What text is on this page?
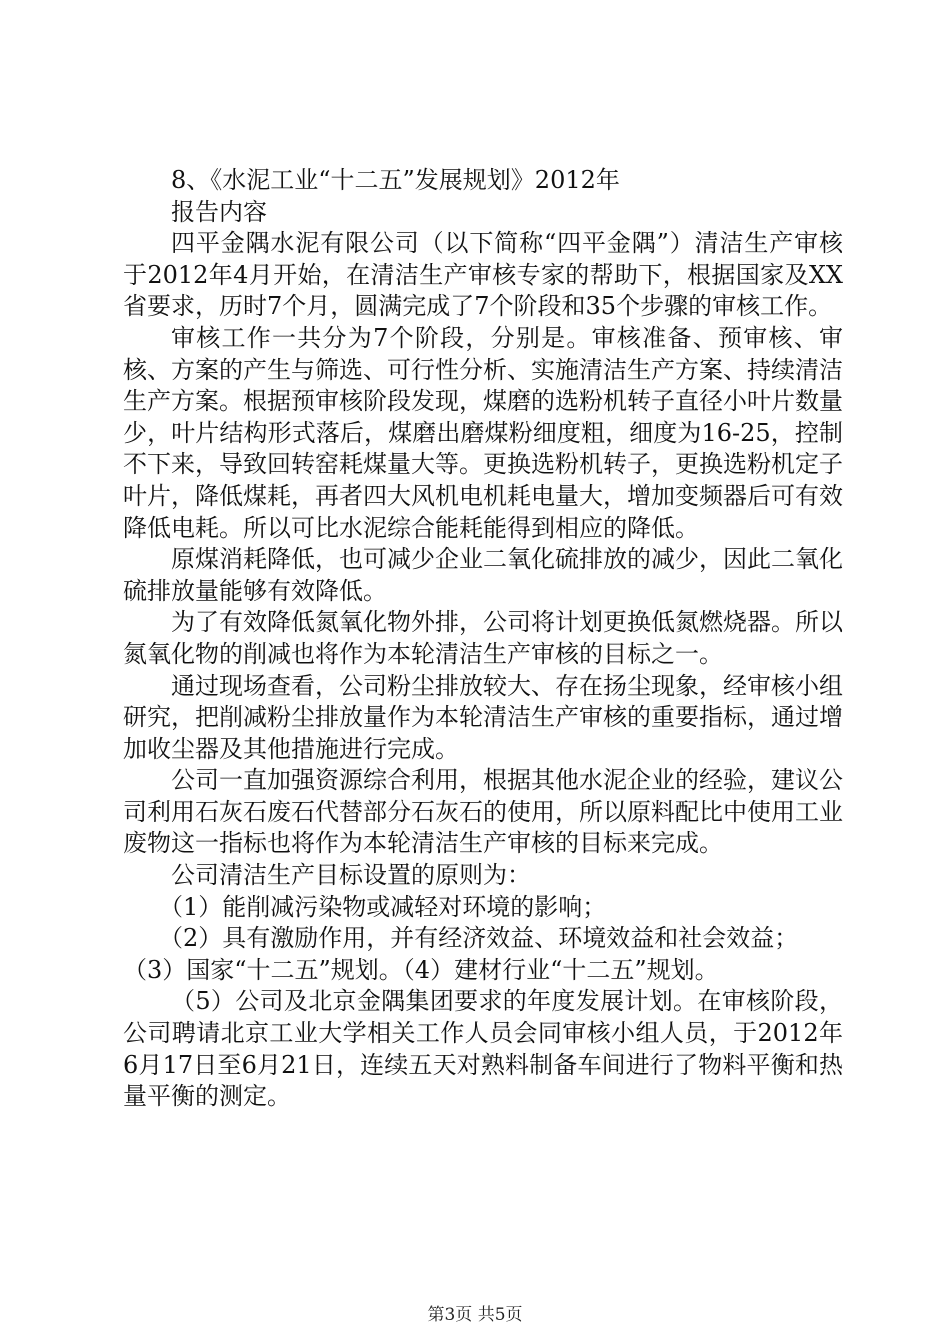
8、《水泥工业“十二五”发展规划》2012年

报告内容

四平金隅水泥有限公司（以下简称“四平金隅”）清洁生产审核于2012年4月开始，在清洁生产审核专家的帮助下，根据国家及XX省要求，历时7个月，圆满完成了7个阶段和35个步骤的审核工作。

审核工作一共分为7个阶段，分别是。审核准备、预审核、审核、方案的产生与筛选、可行性分析、实施清洁生产方案、持续清洁生产方案。根据预审核阶段发现，煤磨的选粉机转子直径小叶片数量少，叶片结构形式落后，煤磨出磨煤粉细度粗，细度为16-25，控制不下来，导致回转窑耗煤量大等。更换选粉机转子，更换选粉机定子叶片，降低煤耗，再者四大风机电机耗电量大，增加变频器后可有效降低电耗。所以可比水泥综合能耗能得到相应的降低。

原煤消耗降低，也可减少企业二氧化硫排放的减少，因此二氧化硫排放量能够有效降低。

为了有效降低氮氧化物外排，公司将计划更换低氮燃烧器。所以氮氧化物的削减也将作为本轮清洁生产审核的目标之一。

通过现场查看，公司粉尘排放较大、存在扬尘现象，经审核小组研究，把削减粉尘排放量作为本轮清洁生产审核的重要指标，通过增加收尘器及其他措施进行完成。

公司一直加强资源综合利用，根据其他水泥企业的经验，建议公司利用石灰石废石代替部分石灰石的使用，所以原料配比中使用工业废物这一指标也将作为本轮清洁生产审核的目标来完成。

公司清洁生产目标设置的原则为：

（1）能削减污染物或减轻对环境的影响；

（2）具有激励作用，并有经济效益、环境效益和社会效益；

（3）国家“十二五”规划。（4）建材行业“十二五”规划。

（5）公司及北京金隅集团要求的年度发展计划。在审核阶段，公司聘请北京工业大学相关工作人员会同审核小组人员，于2012年6月17日至6月21日，连续五天对熟料制备车间进行了物料平衡和热量平衡的测定。

第3页 共5页
